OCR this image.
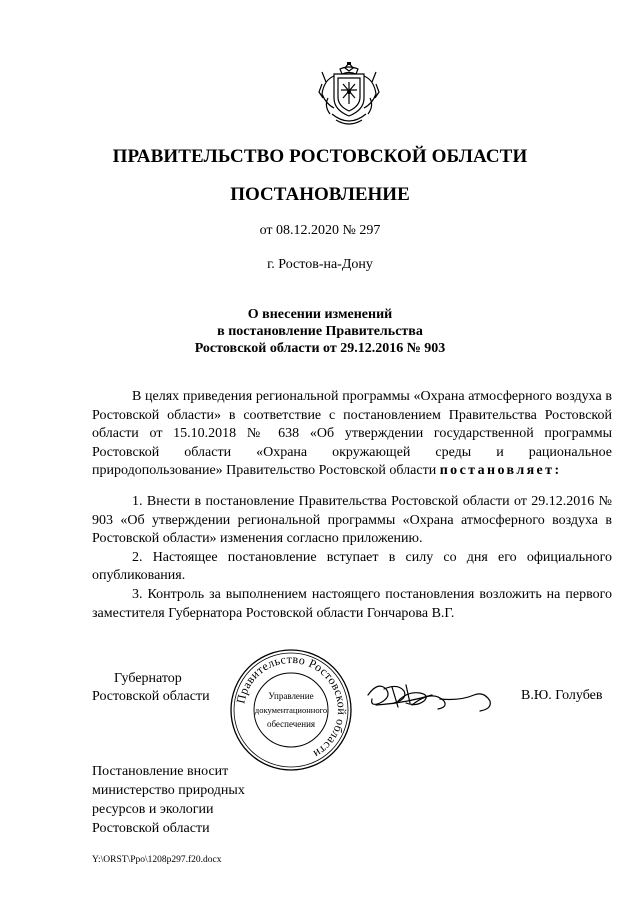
ПРАВИТЕЛЬСТВО РОСТОВСКОЙ ОБЛАСТИ
ПОСТАНОВЛЕНИЕ
от 08.12.2020 № 297
г. Ростов-на-Дону
О внесении изменений
в постановление Правительства
Ростовской области от 29.12.2016 № 903

В целях приведения региональной программы «Охрана атмосферного воздуха в Ростовской области» в соответствие с постановлением Правительства Ростовской области от 15.10.2018 № 638 «Об утверждении государственной программы Ростовской области «Охрана окружающей среды и рациональное природопользование» Правительство Ростовской области постановляет:

1. Внести в постановление Правительства Ростовской области от 29.12.2016 № 903 «Об утверждении региональной программы «Охрана атмосферного воздуха в Ростовской области» изменения согласно приложению.

2. Настоящее постановление вступает в силу со дня его официального опубликования.

3. Контроль за выполнением настоящего постановления возложить на первого заместителя Губернатора Ростовской области Гончарова В.Г.

Губернатор
Ростовской области Правительство Ростовской области
Управление
документационного
обеспечения
В.Ю. Голубев
Постановление вносит
министерство природных
ресурсов и экологии
Ростовской области
Y:\ORST\Ppo\1208p297.f20.docx
